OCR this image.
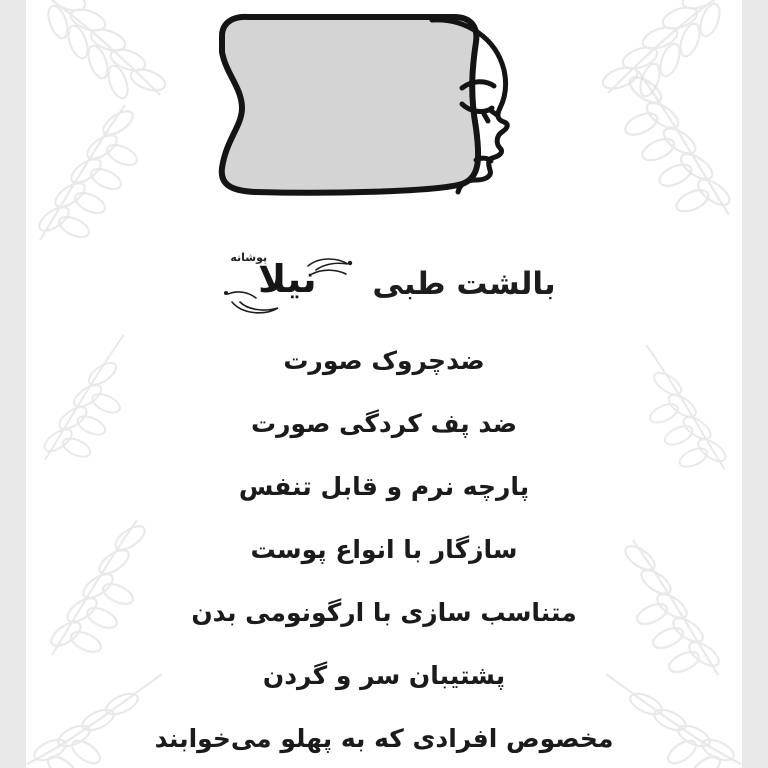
بالشت طبی
پوشانه
نیلا

ضدچروک صورت

ضد پف کردگی صورت

پارچه نرم و قابل تنفس

سازگار با انواع پوست

متناسب سازی با ارگونومی بدن

پشتیبان سر و گردن

مخصوص افرادی که به پهلو می‌خوابند
